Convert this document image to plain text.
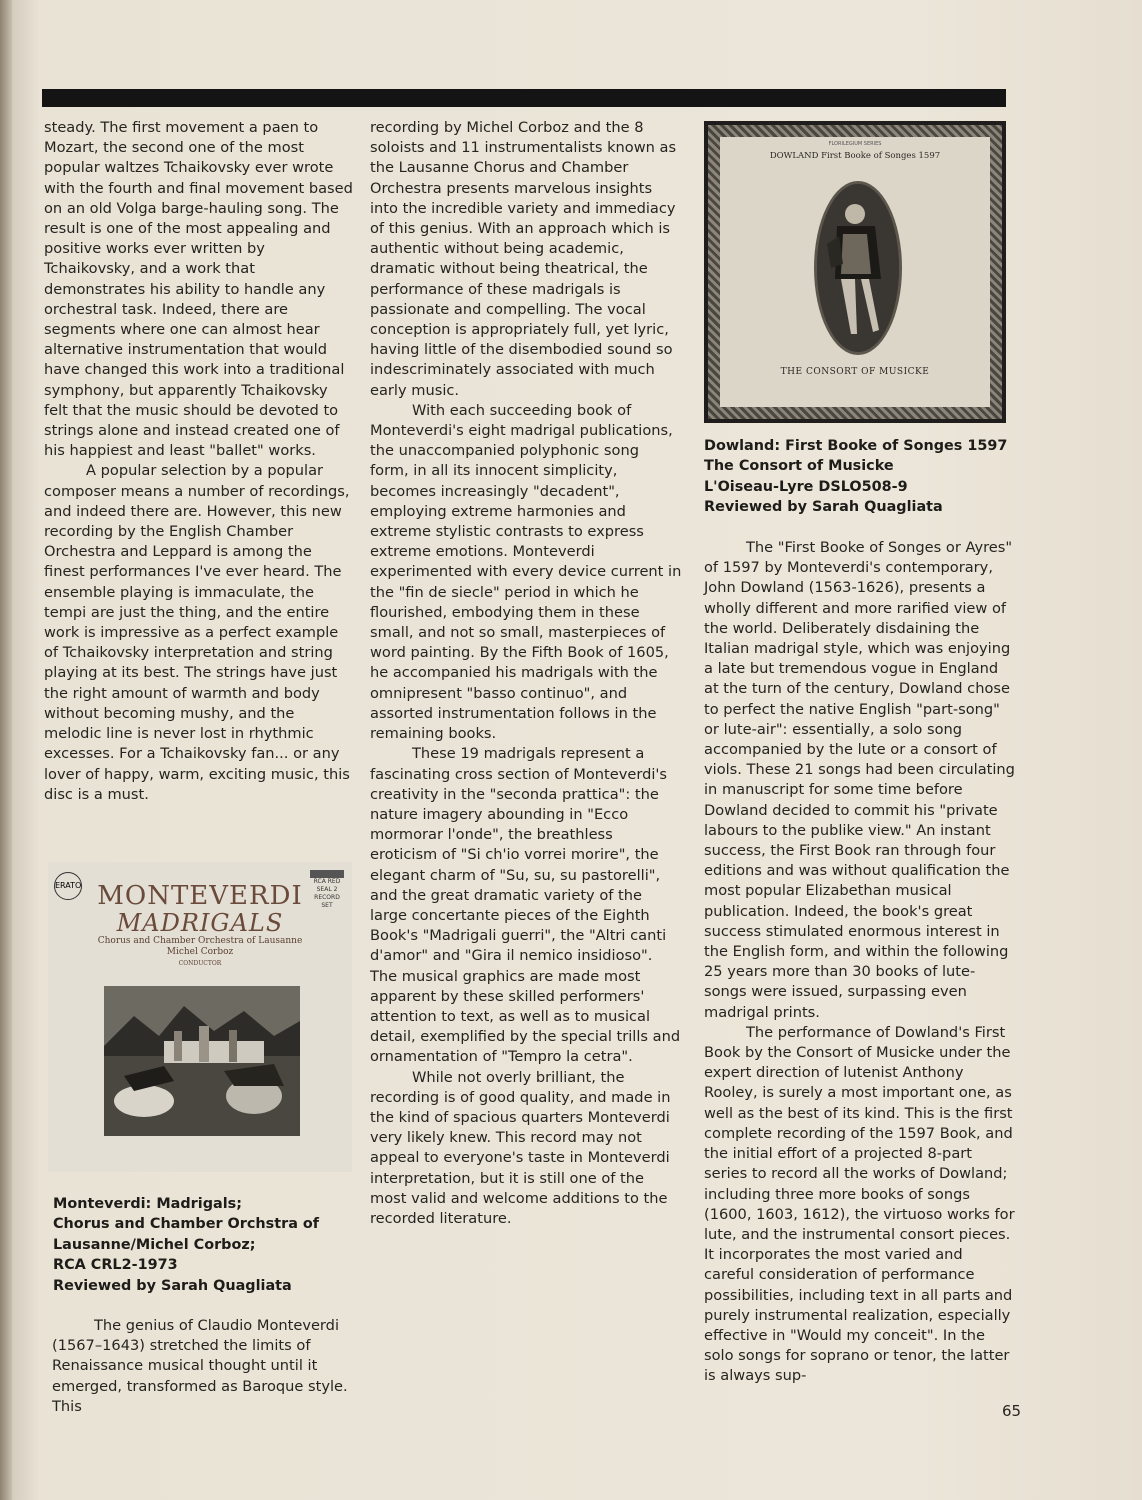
steady. The first movement a paen to Mozart, the second one of the most popular waltzes Tchaikovsky ever wrote with the fourth and final movement based on an old Volga barge-hauling song. The result is one of the most appealing and positive works ever written by Tchaikovsky, and a work that demonstrates his ability to handle any orchestral task. Indeed, there are segments where one can almost hear alternative instrumentation that would have changed this work into a traditional symphony, but apparently Tchaikovsky felt that the music should be devoted to strings alone and instead created one of his happiest and least "ballet" works.

A popular selection by a popular composer means a number of recordings, and indeed there are. However, this new recording by the English Chamber Orchestra and Leppard is among the finest performances I've ever heard. The ensemble playing is immaculate, the tempi are just the thing, and the entire work is impressive as a perfect example of Tchaikovsky interpretation and string playing at its best. The strings have just the right amount of warmth and body without becoming mushy, and the melodic line is never lost in rhythmic excesses. For a Tchaikovsky fan... or any lover of happy, warm, exciting music, this disc is a must.

ERATO	RCA RED SEAL 2 RECORD SET
MONTEVERDI
MADRIGALS
Chorus and Chamber Orchestra of Lausanne
Michel Corboz
CONDUCTOR
Monteverdi: Madrigals;
Chorus and Chamber Orchstra of
Lausanne/Michel Corboz;
RCA CRL2-1973
Reviewed by Sarah Quagliata

The genius of Claudio Monteverdi (1567–1643) stretched the limits of Renaissance musical thought until it emerged, transformed as Baroque style. This

recording by Michel Corboz and the 8 soloists and 11 instrumentalists known as the Lausanne Chorus and Chamber Orchestra presents marvelous insights into the incredible variety and immediacy of this genius. With an approach which is authentic without being academic, dramatic without being theatrical, the performance of these madrigals is passionate and compelling. The vocal conception is appropriately full, yet lyric, having little of the disembodied sound so indescriminately associated with much early music.

With each succeeding book of Monteverdi's eight madrigal publications, the unaccompanied polyphonic song form, in all its innocent simplicity, becomes increasingly "decadent", employing extreme harmonies and extreme stylistic contrasts to express extreme emotions. Monteverdi experimented with every device current in the "fin de siecle" period in which he flourished, embodying them in these small, and not so small, masterpieces of word painting. By the Fifth Book of 1605, he accompanied his madrigals with the omnipresent "basso continuo", and assorted instrumentation follows in the remaining books.

These 19 madrigals represent a fascinating cross section of Monteverdi's creativity in the "seconda prattica": the nature imagery abounding in "Ecco mormorar l'onde", the breathless eroticism of "Si ch'io vorrei morire", the elegant charm of "Su, su, su pastorelli", and the great dramatic variety of the large concertante pieces of the Eighth Book's "Madrigali guerri", the "Altri canti d'amor" and "Gira il nemico insidioso". The musical graphics are made most apparent by these skilled performers' attention to text, as well as to musical detail, exemplified by the special trills and ornamentation of "Tempro la cetra".

While not overly brilliant, the recording is of good quality, and made in the kind of spacious quarters Monteverdi very likely knew. This record may not appeal to everyone's taste in Monteverdi interpretation, but it is still one of the most valid and welcome additions to the recorded literature.

FLORILEGIUM SERIES
DOWLAND First Booke of Songes 1597
THE CONSORT OF MUSICKE
Dowland: First Booke of Songes 1597
The Consort of Musicke
L'Oiseau-Lyre DSLO508-9
Reviewed by Sarah Quagliata

The "First Booke of Songes or Ayres" of 1597 by Monteverdi's contemporary, John Dowland (1563-1626), presents a wholly different and more rarified view of the world. Deliberately disdaining the Italian madrigal style, which was enjoying a late but tremendous vogue in England at the turn of the century, Dowland chose to perfect the native English "part-song" or lute-air": essentially, a solo song accompanied by the lute or a consort of viols. These 21 songs had been circulating in manuscript for some time before Dowland decided to commit his "private labours to the publike view." An instant success, the First Book ran through four editions and was without qualification the most popular Elizabethan musical publication. Indeed, the book's great success stimulated enormous interest in the English form, and within the following 25 years more than 30 books of lute-songs were issued, surpassing even madrigal prints.

The performance of Dowland's First Book by the Consort of Musicke under the expert direction of lutenist Anthony Rooley, is surely a most important one, as well as the best of its kind. This is the first complete recording of the 1597 Book, and the initial effort of a projected 8-part series to record all the works of Dowland; including three more books of songs (1600, 1603, 1612), the virtuoso works for lute, and the instrumental consort pieces. It incorporates the most varied and careful consideration of performance possibilities, including text in all parts and purely instrumental realization, especially effective in "Would my conceit". In the solo songs for soprano or tenor, the latter is always sup-

65
